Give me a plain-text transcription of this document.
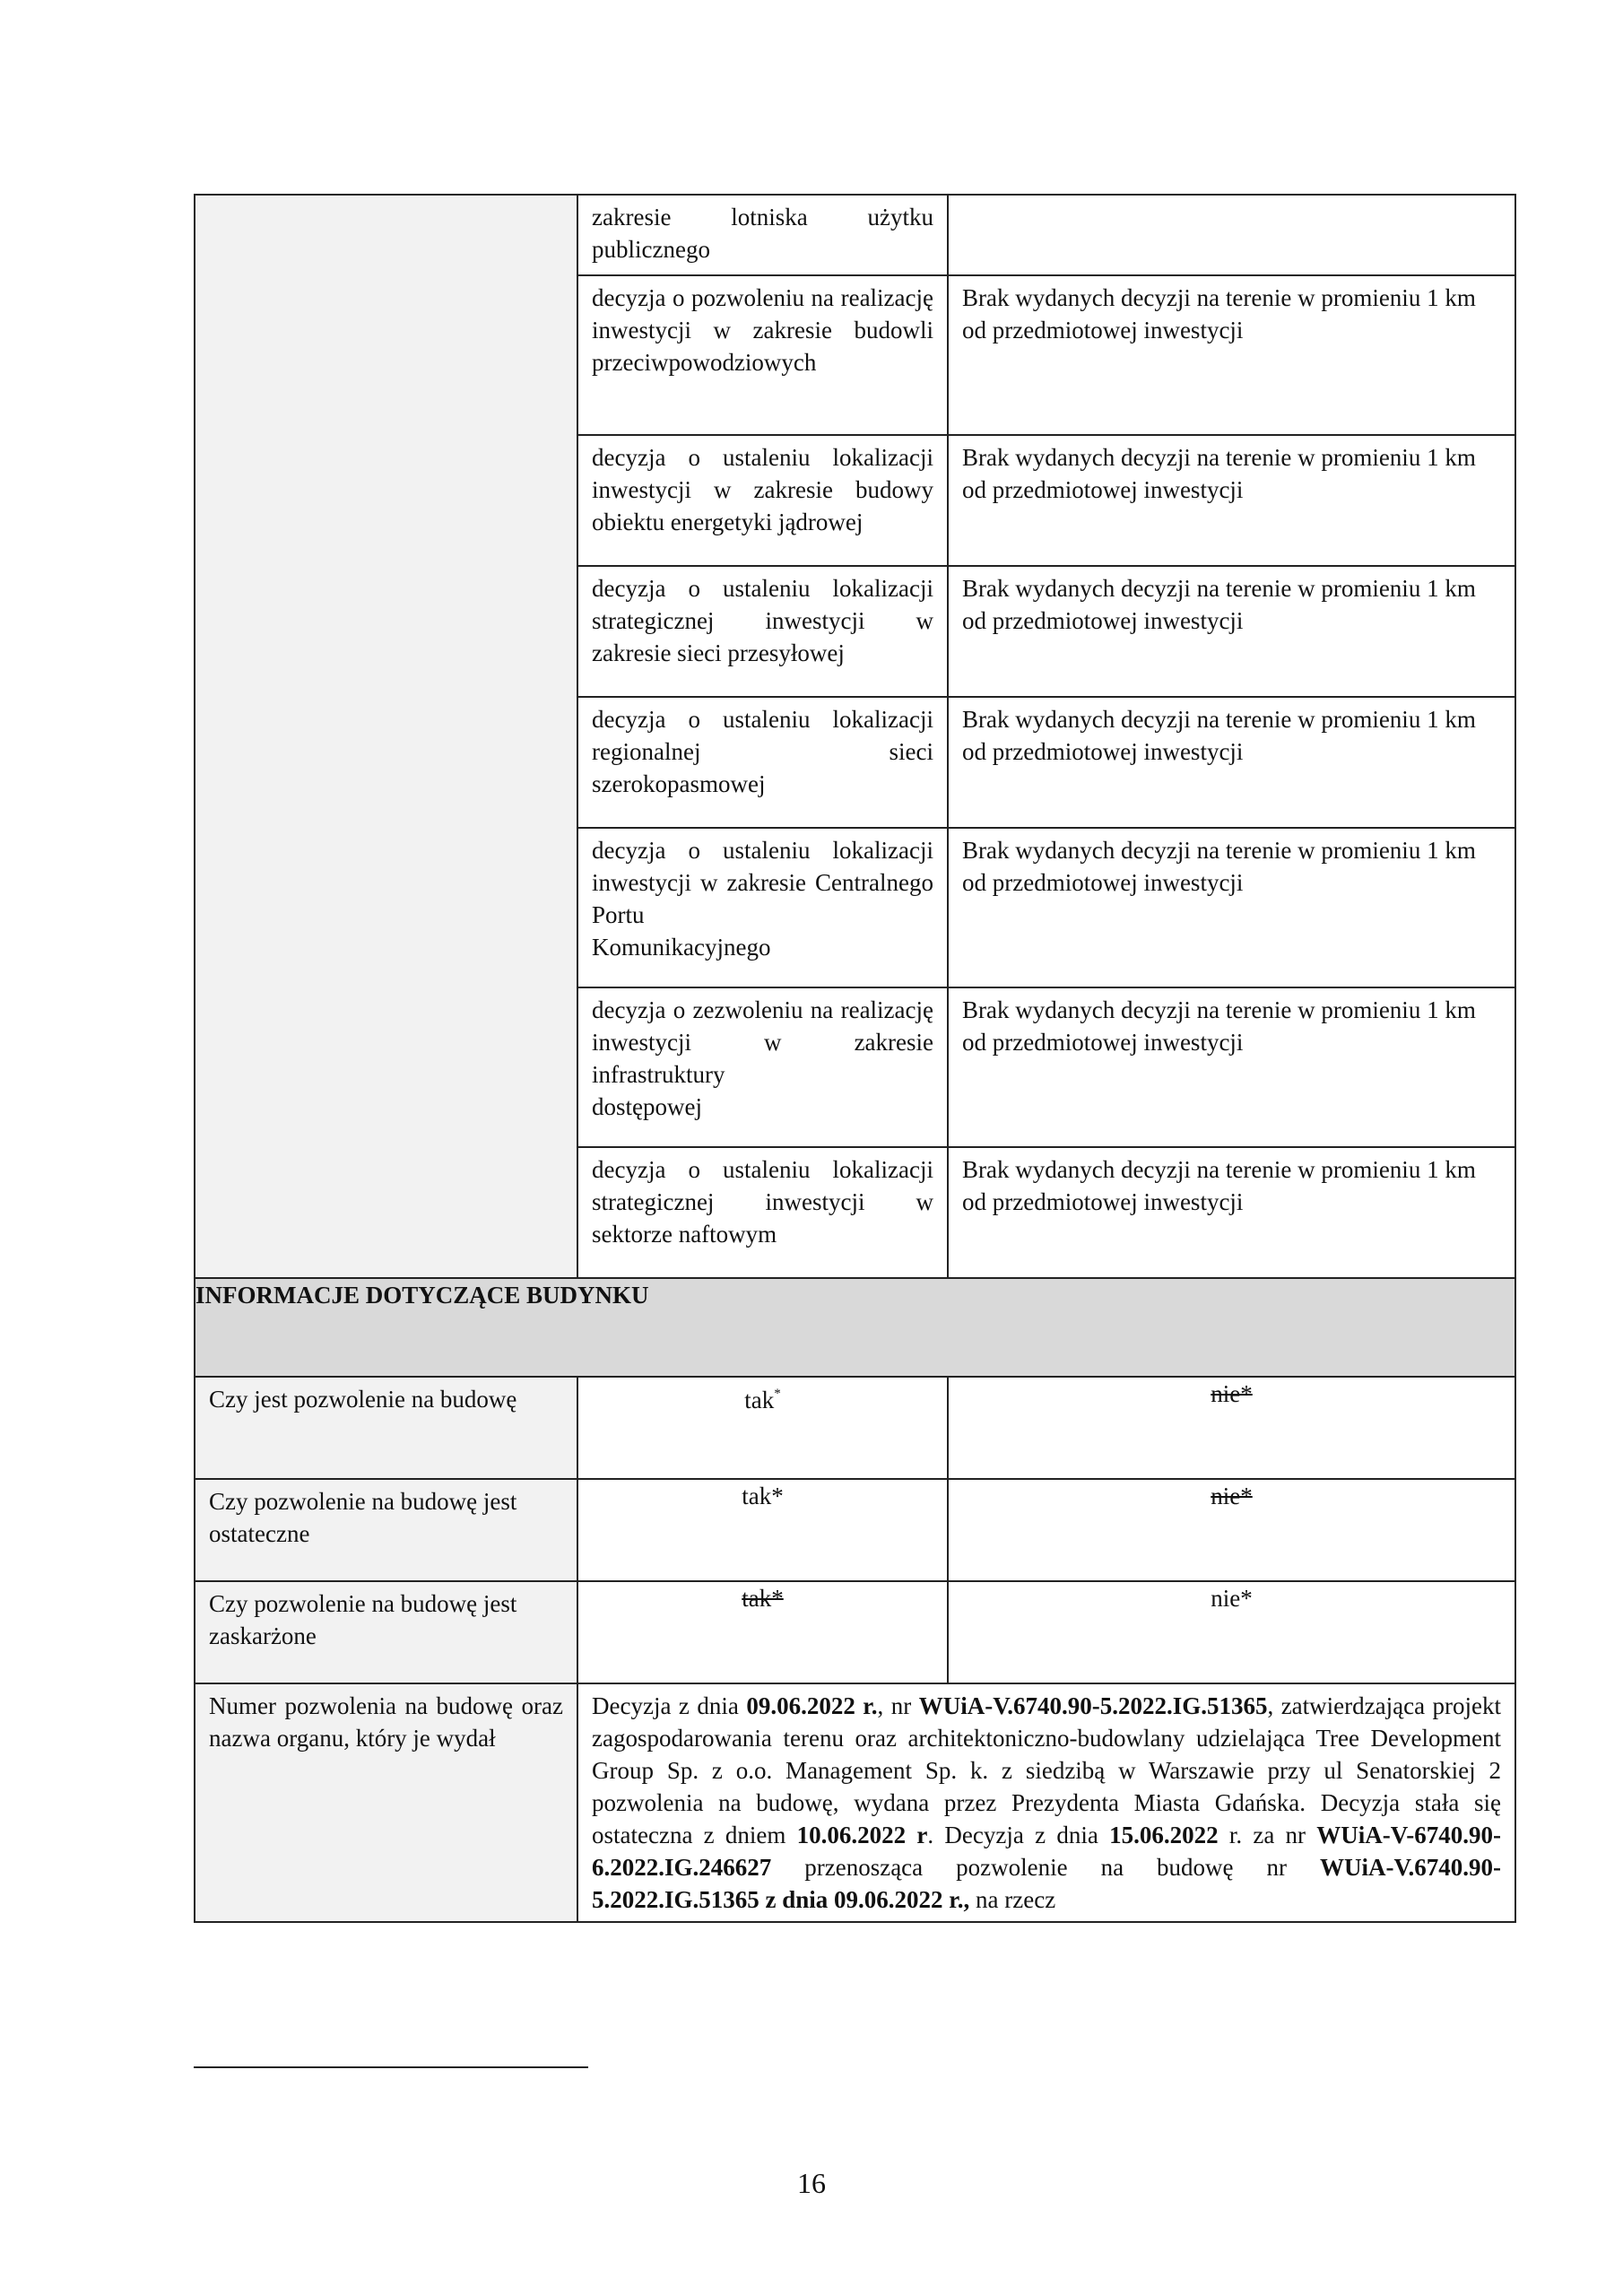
	zakresie lotniska użytku
publicznego	

	decyzja o pozwoleniu na realizację inwestycji w zakresie budowli
przeciwpowodziowych	Brak wydanych decyzji na terenie w promieniu 1 km od przedmiotowej inwestycji

	decyzja o ustaleniu lokalizacji inwestycji w zakresie budowy obiektu energetyki jądrowej	Brak wydanych decyzji na terenie w promieniu 1 km od przedmiotowej inwestycji

	decyzja o ustaleniu lokalizacji strategicznej inwestycji w
zakresie sieci przesyłowej	Brak wydanych decyzji na terenie w promieniu 1 km od przedmiotowej inwestycji

	decyzja o ustaleniu lokalizacji regionalnej sieci
szerokopasmowej	Brak wydanych decyzji na terenie w promieniu 1 km od przedmiotowej inwestycji

	decyzja o ustaleniu lokalizacji inwestycji w zakresie Centralnego Portu
Komunikacyjnego	Brak wydanych decyzji na terenie w promieniu 1 km od przedmiotowej inwestycji

	decyzja o zezwoleniu na realizację inwestycji w zakresie infrastruktury
dostępowej	Brak wydanych decyzji na terenie w promieniu 1 km od przedmiotowej inwestycji

	decyzja o ustaleniu lokalizacji strategicznej inwestycji w
sektorze naftowym	Brak wydanych decyzji na terenie w promieniu 1 km od przedmiotowej inwestycji

INFORMACJE DOTYCZĄCE BUDYNKU		

Czy jest pozwolenie na budowę	tak*	nie*

Czy pozwolenie na budowę jest ostateczne	tak*	nie*

Czy pozwolenie na budowę jest zaskarżone	tak*	nie*

Numer pozwolenia na budowę oraz nazwa organu, który je wydał	Decyzja z dnia 09.06.2022 r., nr WUiA-V.6740.90-5.2022.IG.51365, zatwierdzająca projekt zagospodarowania terenu oraz architektoniczno-budowlany udzielająca Tree Development Group Sp. z o.o. Management Sp. k. z siedzibą w Warszawie przy ul Senatorskiej 2 pozwolenia na budowę, wydana przez Prezydenta Miasta Gdańska. Decyzja stała się ostateczna z dniem 10.06.2022 r. Decyzja z dnia 15.06.2022 r. za nr WUiA-V-6740.90-6.2022.IG.246627 przenosząca pozwolenie na budowę nr WUiA-V.6740.90-5.2022.IG.51365 z dnia 09.06.2022 r., na rzecz	
16
